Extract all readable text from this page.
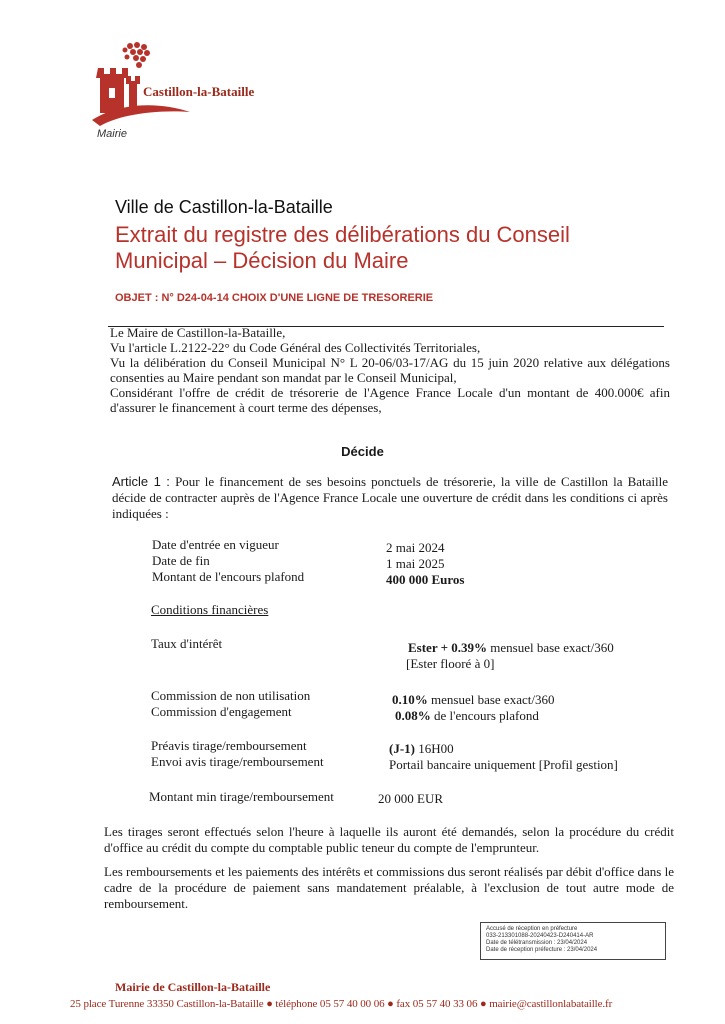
Castillon-la-Bataille
Mairie
Ville de Castillon-la-Bataille
Extrait du registre des délibérations du Conseil Municipal – Décision du Maire
OBJET : N° D24-04-14 CHOIX D'UNE LIGNE DE TRESORERIE

Le Maire de Castillon-la-Bataille,

Vu l'article L.2122-22° du Code Général des Collectivités Territoriales,

Vu la délibération du Conseil Municipal N° L 20-06/03-17/AG du 15 juin 2020 relative aux délégations consenties au Maire pendant son mandat par le Conseil Municipal,

Considérant l'offre de crédit de trésorerie de l'Agence France Locale d'un montant de 400.000€ afin d'assurer le financement à court terme des dépenses,

Décide
Article 1 : Pour le financement de ses besoins ponctuels de trésorerie, la ville de Castillon la Bataille décide de contracter auprès de l'Agence France Locale une ouverture de crédit dans les conditions ci après indiquées :
Date d'entrée en vigueur	2 mai 2024
Date de fin	1 mai 2025
Montant de l'encours plafond	400 000 Euros
Conditions financières
Taux d'intérêt	Ester + 0.39% mensuel base exact/360
[Ester flooré à 0]
Commission de non utilisation	0.10% mensuel base exact/360
Commission d'engagement	0.08% de l'encours plafond
Préavis tirage/remboursement	(J-1) 16H00
Envoi avis tirage/remboursement	Portail bancaire uniquement [Profil gestion]
Montant min tirage/remboursement	20 000 EUR
Les tirages seront effectués selon l'heure à laquelle ils auront été demandés, selon la procédure du crédit d'office au crédit du compte du comptable public teneur du compte de l'emprunteur.
Les remboursements et les paiements des intérêts et commissions dus seront réalisés par débit d'office dans le cadre de la procédure de paiement sans mandatement préalable, à l'exclusion de tout autre mode de remboursement.
Accusé de réception en préfecture
033-213301088-20240423-D240414-AR
Date de télétransmission : 23/04/2024
Date de réception préfecture : 23/04/2024
Mairie de Castillon-la-Bataille
25 place Turenne 33350 Castillon-la-Bataille ● téléphone 05 57 40 00 06 ● fax 05 57 40 33 06 ● mairie@castillonlabataille.fr
